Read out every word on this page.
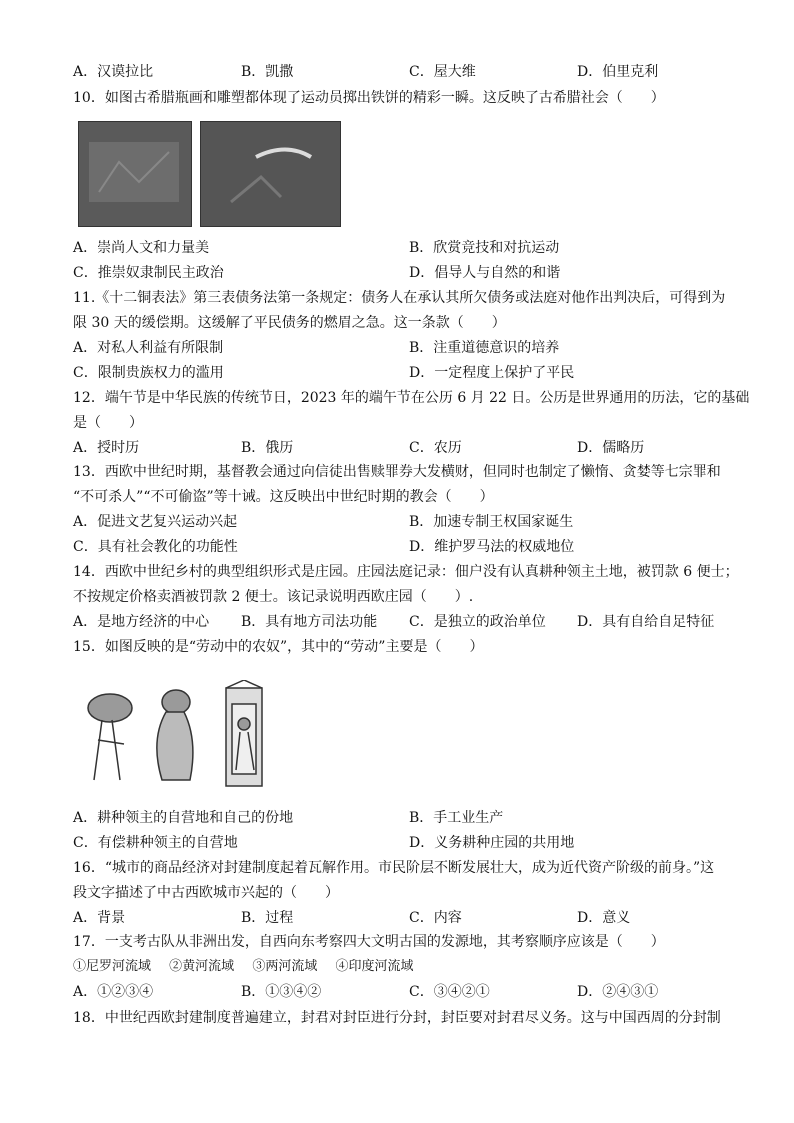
A．汉谟拉比	B．凯撒	C．屋大维	D．伯里克利
10．如图古希腊瓶画和雕塑都体现了运动员掷出铁饼的精彩一瞬。这反映了古希腊社会（　　）
A．崇尚人文和力量美	B．欣赏竞技和对抗运动
C．推崇奴隶制民主政治	D．倡导人与自然的和谐
11.《十二铜表法》第三表债务法第一条规定：债务人在承认其所欠债务或法庭对他作出判决后，可得到为
限 30 天的缓偿期。这缓解了平民债务的燃眉之急。这一条款（　　）
A．对私人利益有所限制	B．注重道德意识的培养
C．限制贵族权力的滥用	D．一定程度上保护了平民
12．端午节是中华民族的传统节日，2023 年的端午节在公历 6 月 22 日。公历是世界通用的历法，它的基础
是（　　）
A．授时历	B．俄历	C．农历	D．儒略历
13．西欧中世纪时期，基督教会通过向信徒出售赎罪券大发横财，但同时也制定了懒惰、贪婪等七宗罪和
“不可杀人”“不可偷盗”等十诫。这反映出中世纪时期的教会（　　）
A．促进文艺复兴运动兴起	B．加速专制王权国家诞生
C．具有社会教化的功能性	D．维护罗马法的权威地位
14．西欧中世纪乡村的典型组织形式是庄园。庄园法庭记录：佃户没有认真耕种领主土地，被罚款 6 便士；
不按规定价格卖酒被罚款 2 便士。该记录说明西欧庄园（　　）.
A．是地方经济的中心 B．具有地方司法功能 C．是独立的政治单位 D．具有自给自足特征
15．如图反映的是“劳动中的农奴”，其中的“劳动”主要是（　　）
A．耕种领主的自营地和自己的份地	B．手工业生产
C．有偿耕种领主的自营地	D．义务耕种庄园的共用地
16．“城市的商品经济对封建制度起着瓦解作用。市民阶层不断发展壮大，成为近代资产阶级的前身。”这
段文字描述了中古西欧城市兴起的（　　）
A．背景	B．过程	C．内容	D．意义
17．一支考古队从非洲出发，自西向东考察四大文明古国的发源地，其考察顺序应该是（　　）
①尼罗河流域 ②黄河流域 ③两河流域 ④印度河流域
A．①②③④	B．①③④②	C．③④②①	D．②④③①
18．中世纪西欧封建制度普遍建立，封君对封臣进行分封，封臣要对封君尽义务。这与中国西周的分封制
